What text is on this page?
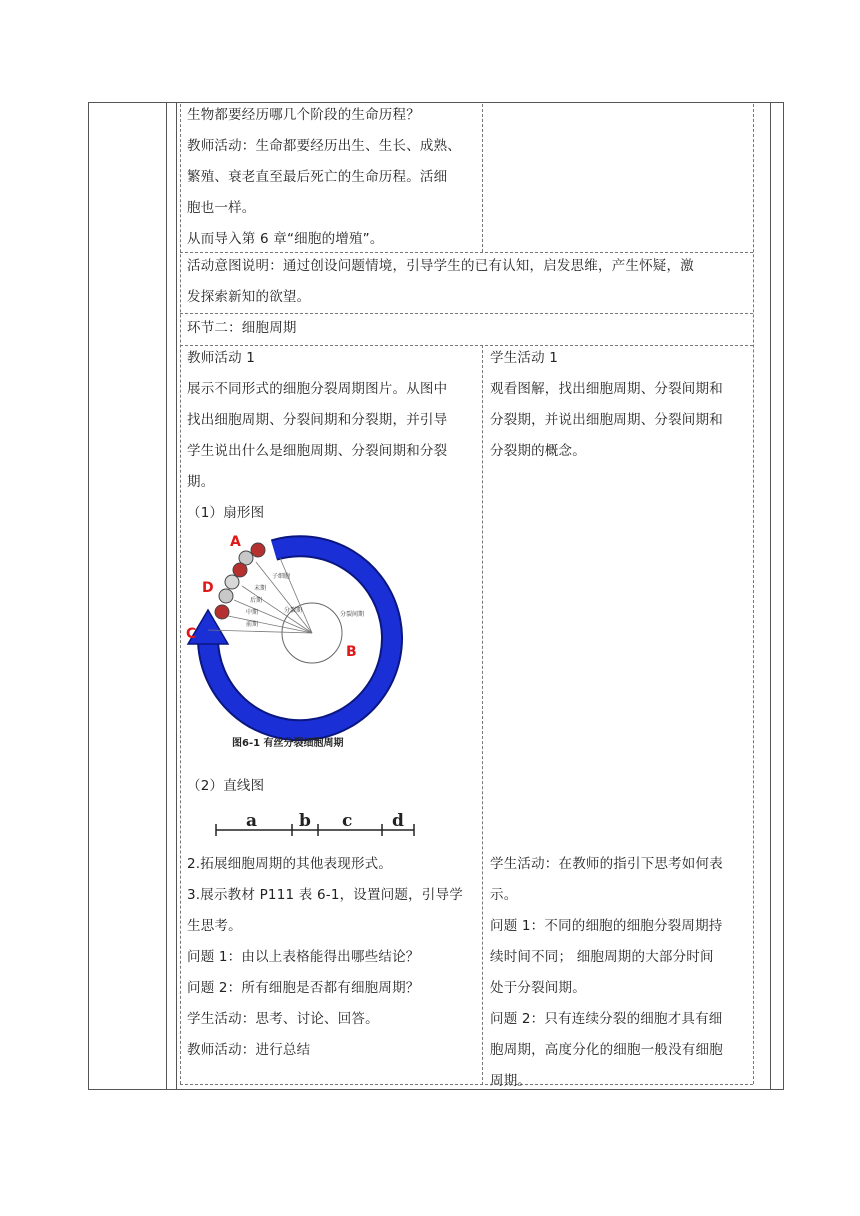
生物都要经历哪几个阶段的生命历程？

教师活动：生命都要经历出生、生长、成熟、

繁殖、衰老直至最后死亡的生命历程。活细

胞也一样。

从而导入第 6 章“细胞的增殖”。

活动意图说明：通过创设问题情境，引导学生的已有认知，启发思维，产生怀疑，激

发探索新知的欲望。

环节二：细胞周期

教师活动 1

展示不同形式的细胞分裂周期图片。从图中

找出细胞周期、分裂间期和分裂期，并引导

学生说出什么是细胞周期、分裂间期和分裂

期。

（1）扇形图

子细胞
末期
后期
中期
前期
分裂期
分裂间期
A
B
C
D
图6-1 有丝分裂细胞周期
（2）直线图
a b c d

2.拓展细胞周期的其他表现形式。

3.展示教材 P111 表 6-1，设置问题，引导学

生思考。

问题 1：由以上表格能得出哪些结论？

问题 2：所有细胞是否都有细胞周期？

学生活动：思考、讨论、回答。

教师活动：进行总结

学生活动 1

观看图解，找出细胞周期、分裂间期和

分裂期，并说出细胞周期、分裂间期和

分裂期的概念。

学生活动：在教师的指引下思考如何表

示。

问题 1：不同的细胞的细胞分裂周期持

续时间不同； 细胞周期的大部分时间

处于分裂间期。

问题 2：只有连续分裂的细胞才具有细

胞周期，高度分化的细胞一般没有细胞

周期。
